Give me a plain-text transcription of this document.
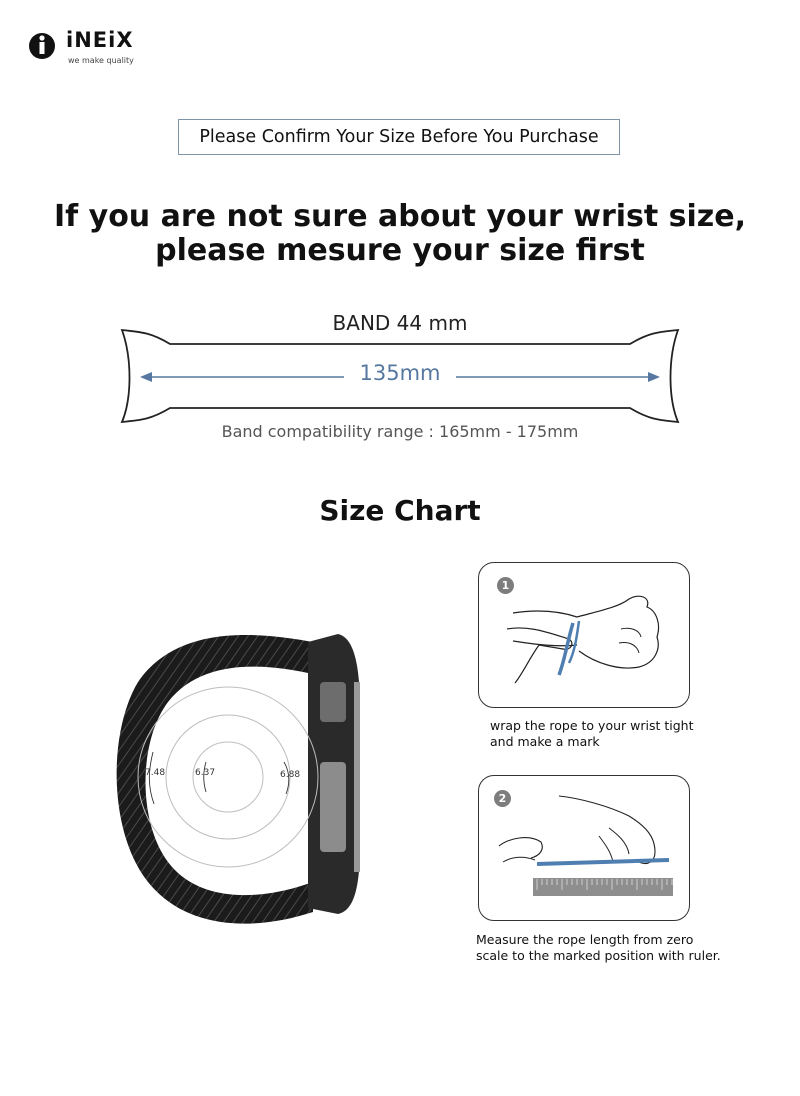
iNEiX
we make quality
Please Confirm Your Size Before You Purchase
If you are not sure about your wrist size,
please mesure your size first
BAND 44 mm
135mm
Band compatibility range : 165mm - 175mm
Size Chart
7.48	6.37	6.88
1
wrap the rope to your wrist tight
and make a mark
2
Measure the rope length from zero
scale to the marked position with ruler.
